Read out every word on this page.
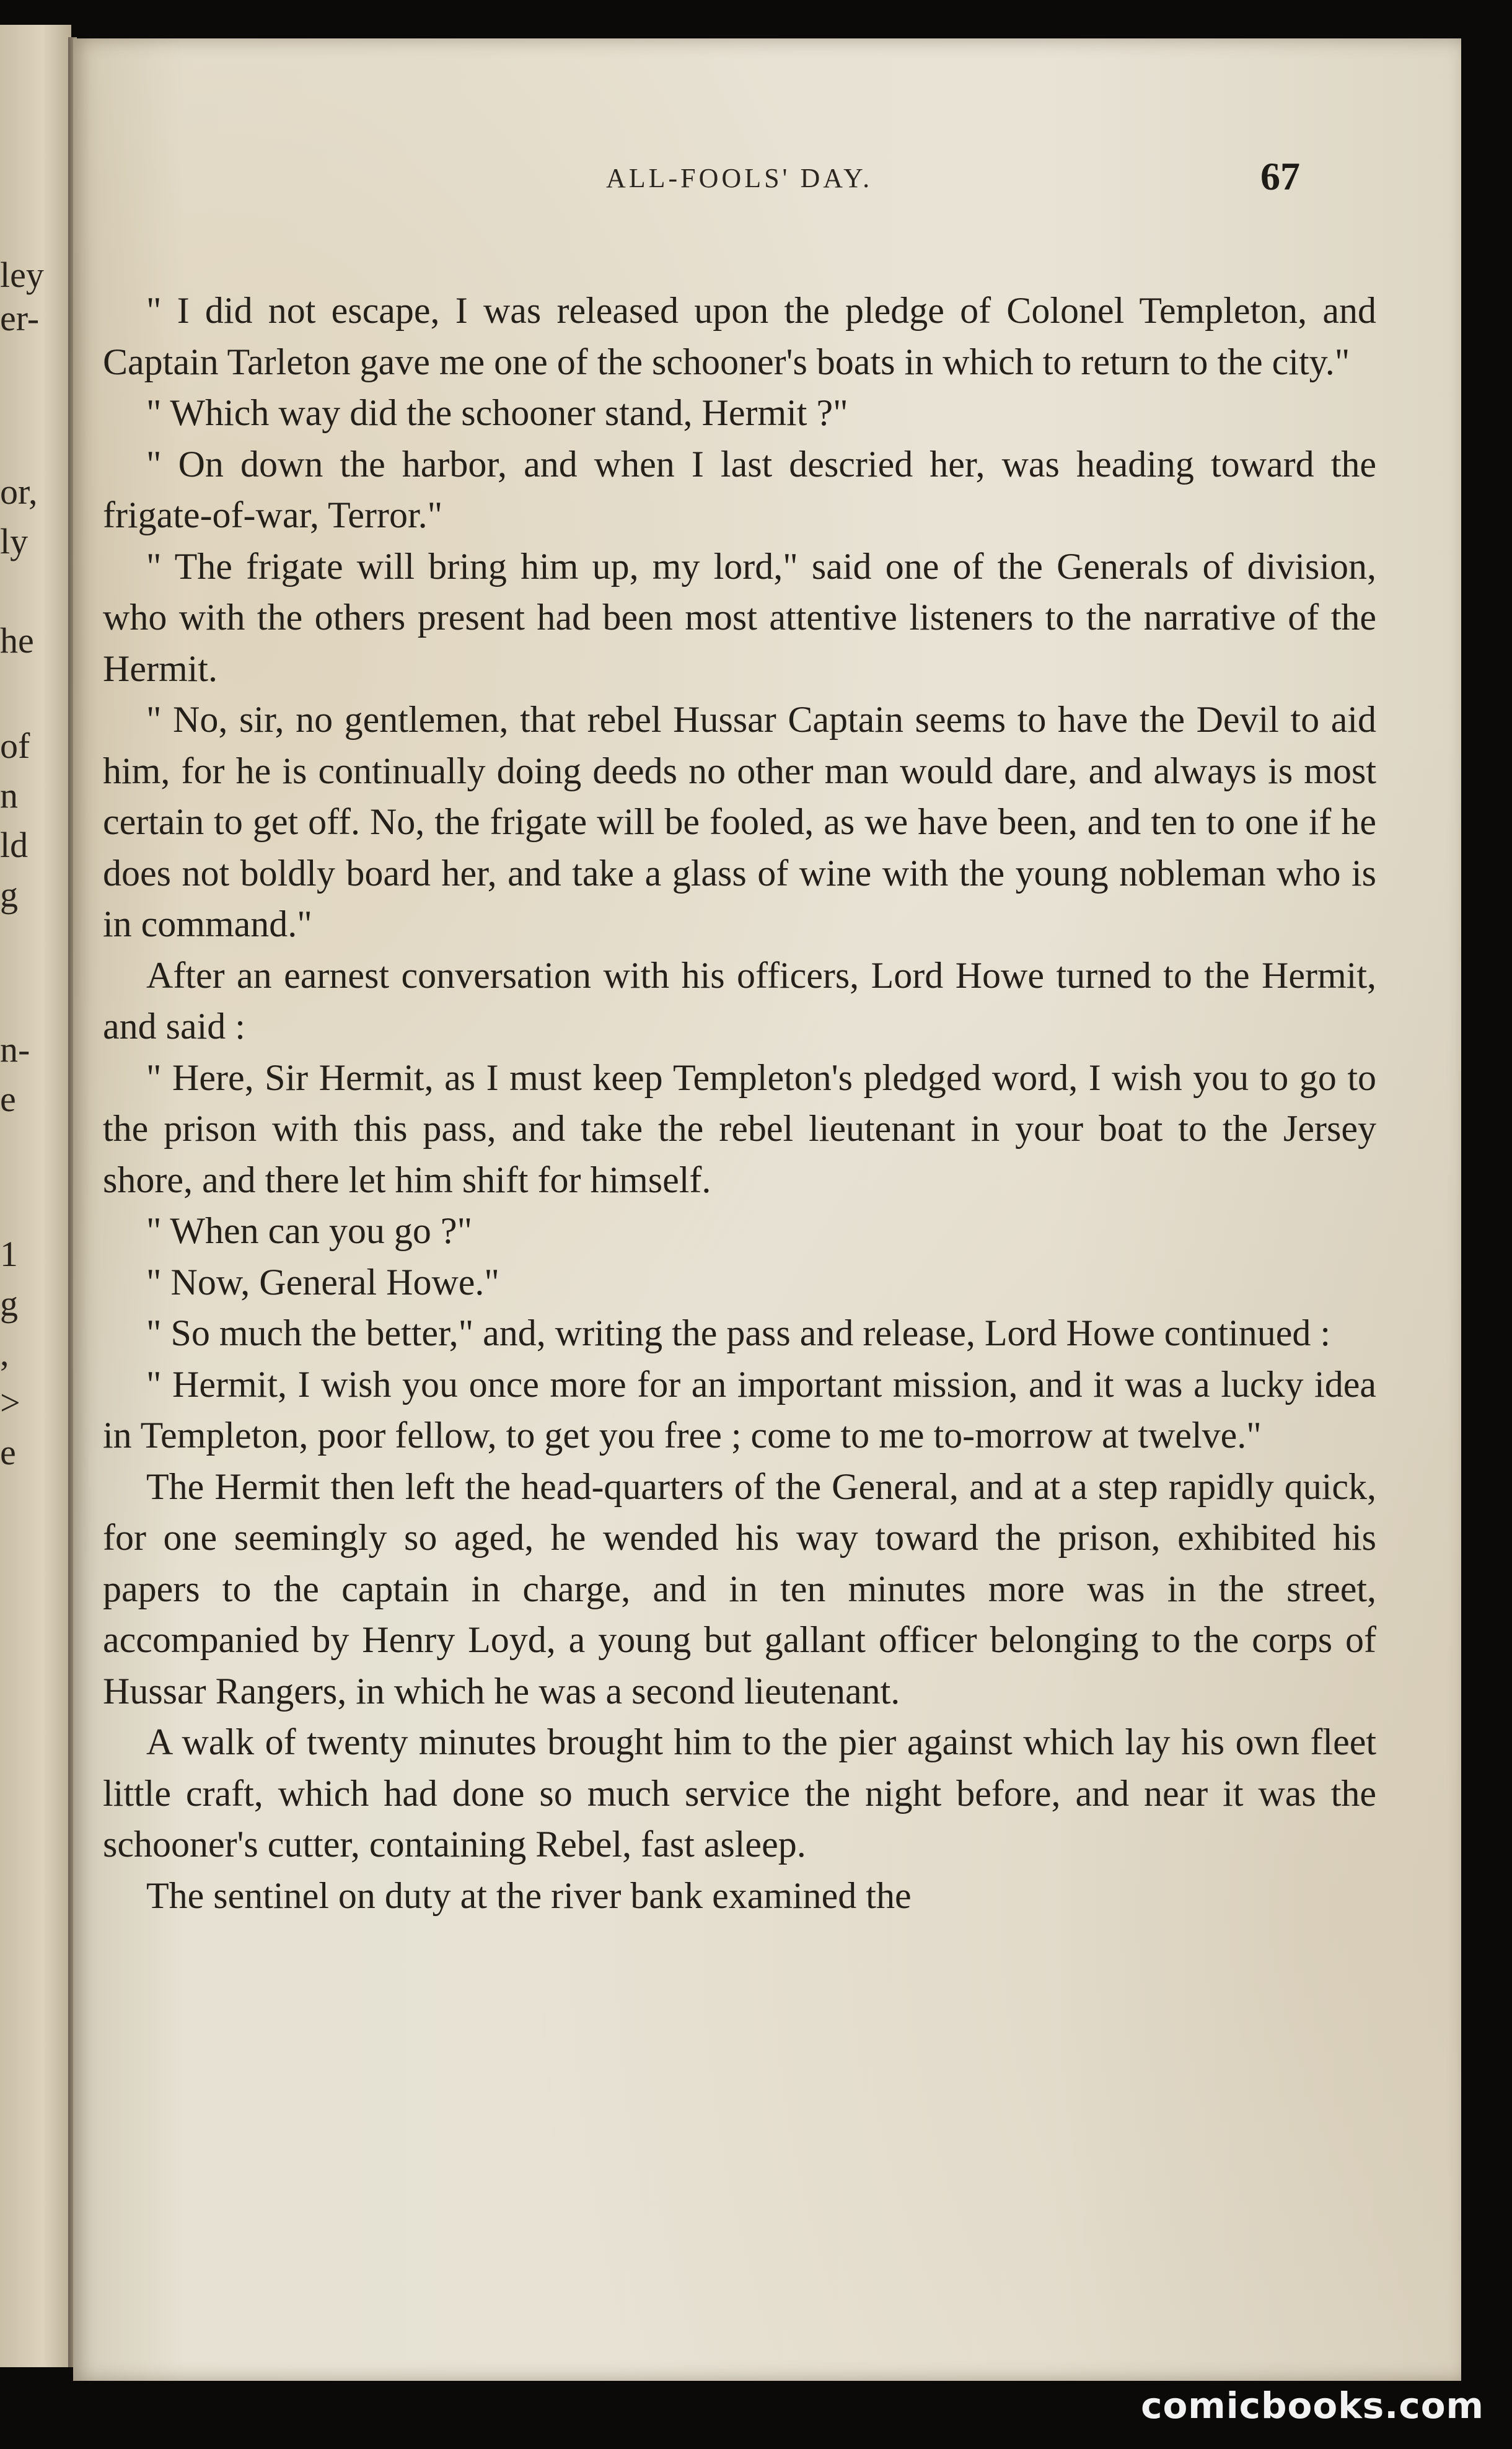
ley
er-
or,
ly
he
of
n
ld
g
n-
e
1
g
,
>
e
ALL-FOOLS' DAY.	67

" I did not escape, I was released upon the pledge of Colonel Templeton, and Captain Tarleton gave me one of the schooner's boats in which to return to the city."

" Which way did the schooner stand, Hermit ?"

" On down the harbor, and when I last descried her, was heading toward the frigate-of-war, Terror."

" The frigate will bring him up, my lord," said one of the Generals of division, who with the others present had been most attentive listeners to the narrative of the Hermit.

" No, sir, no gentlemen, that rebel Hussar Captain seems to have the Devil to aid him, for he is continually doing deeds no other man would dare, and always is most certain to get off. No, the frigate will be fooled, as we have been, and ten to one if he does not boldly board her, and take a glass of wine with the young nobleman who is in command."

After an earnest conversation with his officers, Lord Howe turned to the Hermit, and said :

" Here, Sir Hermit, as I must keep Templeton's pledged word, I wish you to go to the prison with this pass, and take the rebel lieutenant in your boat to the Jersey shore, and there let him shift for himself.

" When can you go ?"

" Now, General Howe."

" So much the better," and, writing the pass and release, Lord Howe continued :

" Hermit, I wish you once more for an important mission, and it was a lucky idea in Templeton, poor fellow, to get you free ; come to me to-morrow at twelve."

The Hermit then left the head-quarters of the General, and at a step rapidly quick, for one seemingly so aged, he wended his way toward the prison, exhibited his papers to the captain in charge, and in ten minutes more was in the street, accompanied by Henry Loyd, a young but gallant officer belonging to the corps of Hussar Rangers, in which he was a second lieutenant.

A walk of twenty minutes brought him to the pier against which lay his own fleet little craft, which had done so much service the night before, and near it was the schooner's cutter, containing Rebel, fast asleep.

The sentinel on duty at the river bank examined the

comicbooks.com
